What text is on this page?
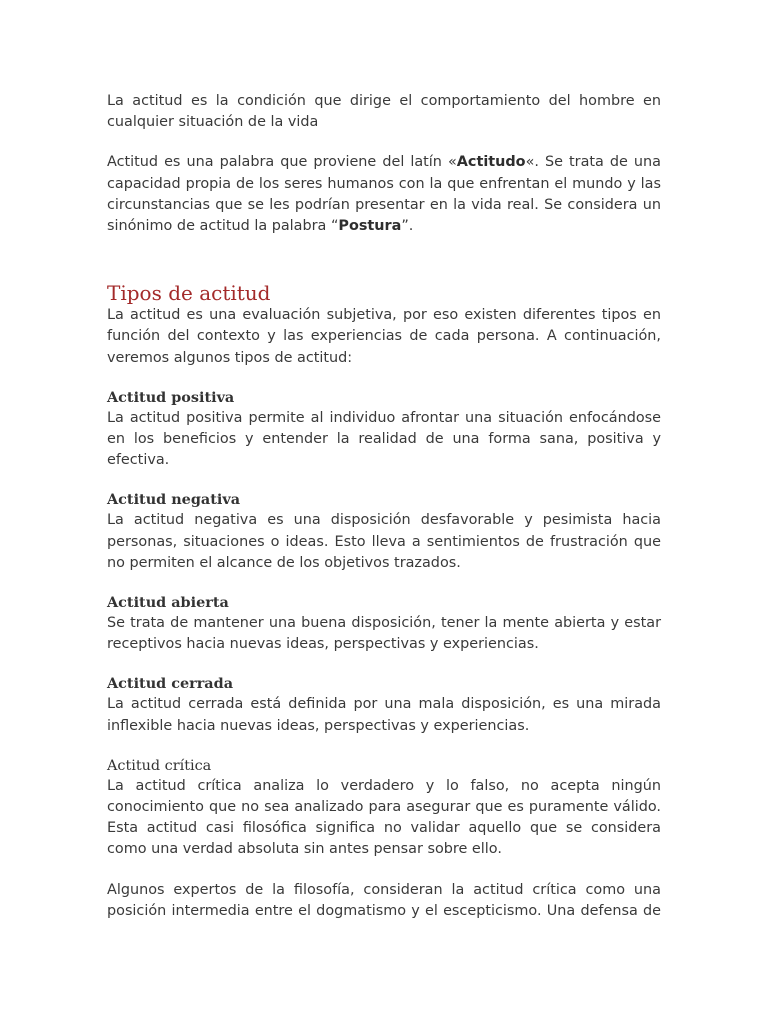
La actitud es la condición que dirige el comportamiento del hombre en cualquier situación de la vida

Actitud es una palabra que proviene del latín «Actitudo«. Se trata de una capacidad propia de los seres humanos con la que enfrentan el mundo y las circunstancias que se les podrían presentar en la vida real. Se considera un sinónimo de actitud la palabra “Postura”.

Tipos de actitud

La actitud es una evaluación subjetiva, por eso existen diferentes tipos en función del contexto y las experiencias de cada persona. A continuación, veremos algunos tipos de actitud:

Actitud positiva

La actitud positiva permite al individuo afrontar una situación enfocándose en los beneficios y entender la realidad de una forma sana, positiva y efectiva.

Actitud negativa

La actitud negativa es una disposición desfavorable y pesimista hacia personas, situaciones o ideas. Esto lleva a sentimientos de frustración que no permiten el alcance de los objetivos trazados.

Actitud abierta

Se trata de mantener una buena disposición, tener la mente abierta y estar receptivos hacia nuevas ideas, perspectivas y experiencias.

Actitud cerrada

La actitud cerrada está definida por una mala disposición, es una mirada inflexible hacia nuevas ideas, perspectivas y experiencias.

Actitud crítica

La actitud crítica analiza lo verdadero y lo falso, no acepta ningún conocimiento que no sea analizado para asegurar que es puramente válido. Esta actitud casi filosófica significa no validar aquello que se considera como una verdad absoluta sin antes pensar sobre ello.

Algunos expertos de la filosofía, consideran la actitud crítica como una posición intermedia entre el dogmatismo y el escepticismo. Una defensa de
